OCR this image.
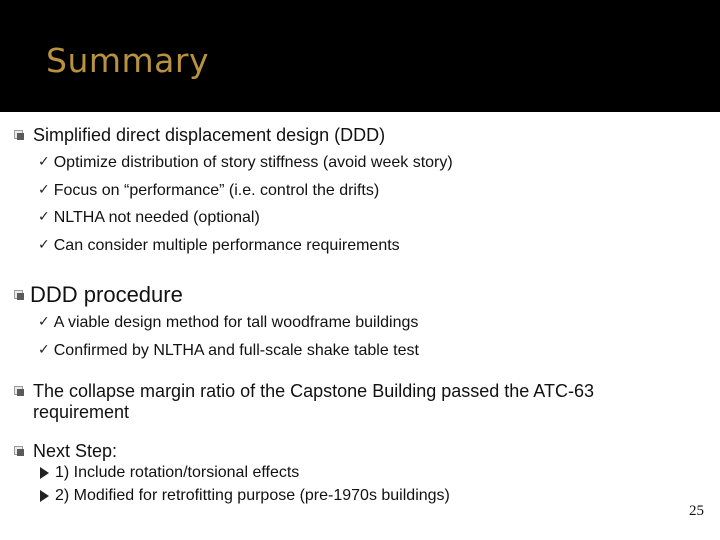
Summary
Simplified direct displacement design (DDD)
✓ Optimize distribution of story stiffness (avoid week story)
✓ Focus on “performance” (i.e. control the drifts)
✓ NLTHA not needed (optional)
✓ Can consider multiple performance requirements
DDD procedure
✓ A viable design method for tall woodframe buildings
✓ Confirmed by NLTHA and full-scale shake table test
The collapse margin ratio of the Capstone Building passed the ATC-63
requirement
Next Step:
1) Include rotation/torsional effects
2) Modified for retrofitting purpose (pre-1970s buildings)
25
